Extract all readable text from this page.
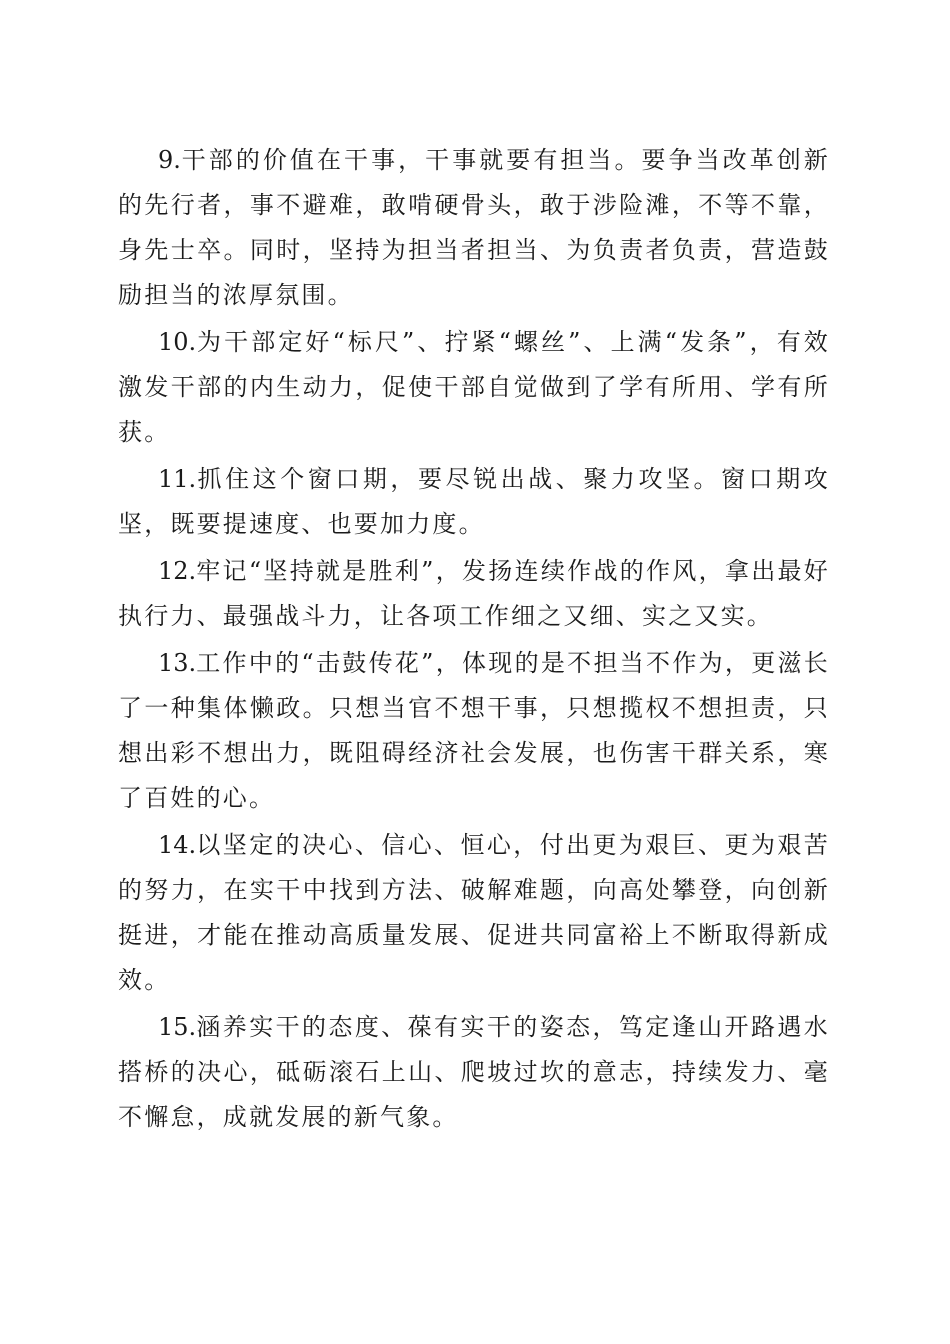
9.干部的价值在干事，干事就要有担当。要争当改革创新的先行者，事不避难，敢啃硬骨头，敢于涉险滩，不等不靠，身先士卒。同时，坚持为担当者担当、为负责者负责，营造鼓励担当的浓厚氛围。

10.为干部定好“标尺”、拧紧“螺丝”、上满“发条”，有效激发干部的内生动力，促使干部自觉做到了学有所用、学有所获。

11.抓住这个窗口期，要尽锐出战、聚力攻坚。窗口期攻坚，既要提速度、也要加力度。

12.牢记“坚持就是胜利”，发扬连续作战的作风，拿出最好执行力、最强战斗力，让各项工作细之又细、实之又实。

13.工作中的“击鼓传花”，体现的是不担当不作为，更滋长了一种集体懒政。只想当官不想干事，只想揽权不想担责，只想出彩不想出力，既阻碍经济社会发展，也伤害干群关系，寒了百姓的心。

14.以坚定的决心、信心、恒心，付出更为艰巨、更为艰苦的努力，在实干中找到方法、破解难题，向高处攀登，向创新挺进，才能在推动高质量发展、促进共同富裕上不断取得新成效。

15.涵养实干的态度、葆有实干的姿态，笃定逢山开路遇水搭桥的决心，砥砺滚石上山、爬坡过坎的意志，持续发力、毫不懈怠，成就发展的新气象。
